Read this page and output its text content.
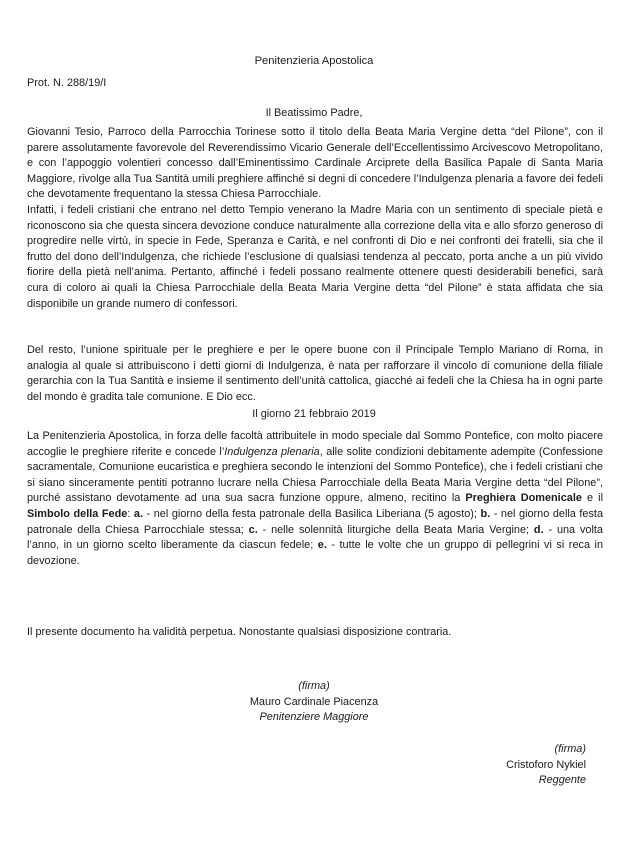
Penitenzieria Apostolica
Prot. N. 288/19/I
Il Beatissimo Padre,

Giovanni Tesio, Parroco della Parrocchia Torinese sotto il titolo della Beata Maria Vergine detta “del Pilone”, con il parere assolutamente favorevole del Reverendissimo Vicario Generale dell’Eccellentissimo Arcivescovo Metropolitano, e con l’appoggio volentieri concesso dall’Eminentissimo Cardinale Arciprete della Basilica Papale di Santa Maria Maggiore, rivolge alla Tua Santità umili preghiere affinché si degni di concedere l’Indulgenza plenaria a favore dei fedeli che devotamente frequentano la stessa Chiesa Parrocchiale.

Infatti, i fedeli cristiani che entrano nel detto Tempio venerano la Madre Maria con un sentimento di speciale pietà e riconoscono sia che questa sincera devozione conduce naturalmente alla correzione della vita e allo sforzo generoso di progredire nelle virtù, in specie in Fede, Speranza e Carità, e nel confronti di Dio e nei confronti dei fratelli, sia che il frutto del dono dell’Indulgenza, che richiede l’esclusione di qualsiasi tendenza al peccato, porta anche a un più vivido fiorire della pietà nell’anima. Pertanto, affinché i fedeli possano realmente ottenere questi desiderabili benefici, sarà cura di coloro ai quali la Chiesa Parrocchiale della Beata Maria Vergine detta “del Pilone” è stata affidata che sia disponibile un grande numero di confessori.

Del resto, l’unione spirituale per le preghiere e per le opere buone con il Principale Templo Mariano di Roma, in analogia al quale si attribuiscono i detti giorni di Indulgenza, è nata per rafforzare il vincolo di comunione della filiale gerarchia con la Tua Santità e insieme il sentimento dell’unità cattolica, giacché ai fedeli che la Chiesa ha in ogni parte del mondo è gradita tale comunione. E Dio ecc.

Il giorno 21 febbraio 2019

La Penitenzieria Apostolica, in forza delle facoltà attribuitele in modo speciale dal Sommo Pontefice, con molto piacere accoglie le preghiere riferite e concede l’Indulgenza plenaria, alle solite condizioni debitamente adempite (Confessione sacramentale, Comunione eucaristica e preghiera secondo le intenzioni del Sommo Pontefice), che i fedeli cristiani che si siano sinceramente pentiti potranno lucrare nella Chiesa Parrocchiale della Beata Maria Vergine detta “del Pilone”, purché assistano devotamente ad una sua sacra funzione oppure, almeno, recitino la Preghiera Domenicale e il Simbolo della Fede: a. - nel giorno della festa patronale della Basilica Liberiana (5 agosto); b. - nel giorno della festa patronale della Chiesa Parrocchiale stessa; c. - nelle solennità liturgiche della Beata Maria Vergine; d. - una volta l’anno, in un giorno scelto liberamente da ciascun fedele; e. - tutte le volte che un gruppo di pellegrini vi si reca in devozione.

Il presente documento ha validità perpetua. Nonostante qualsiasi disposizione contraria.

(firma)
Mauro Cardinale Piacenza
Penitenziere Maggiore
(firma)
Cristoforo Nykiel
Reggente
